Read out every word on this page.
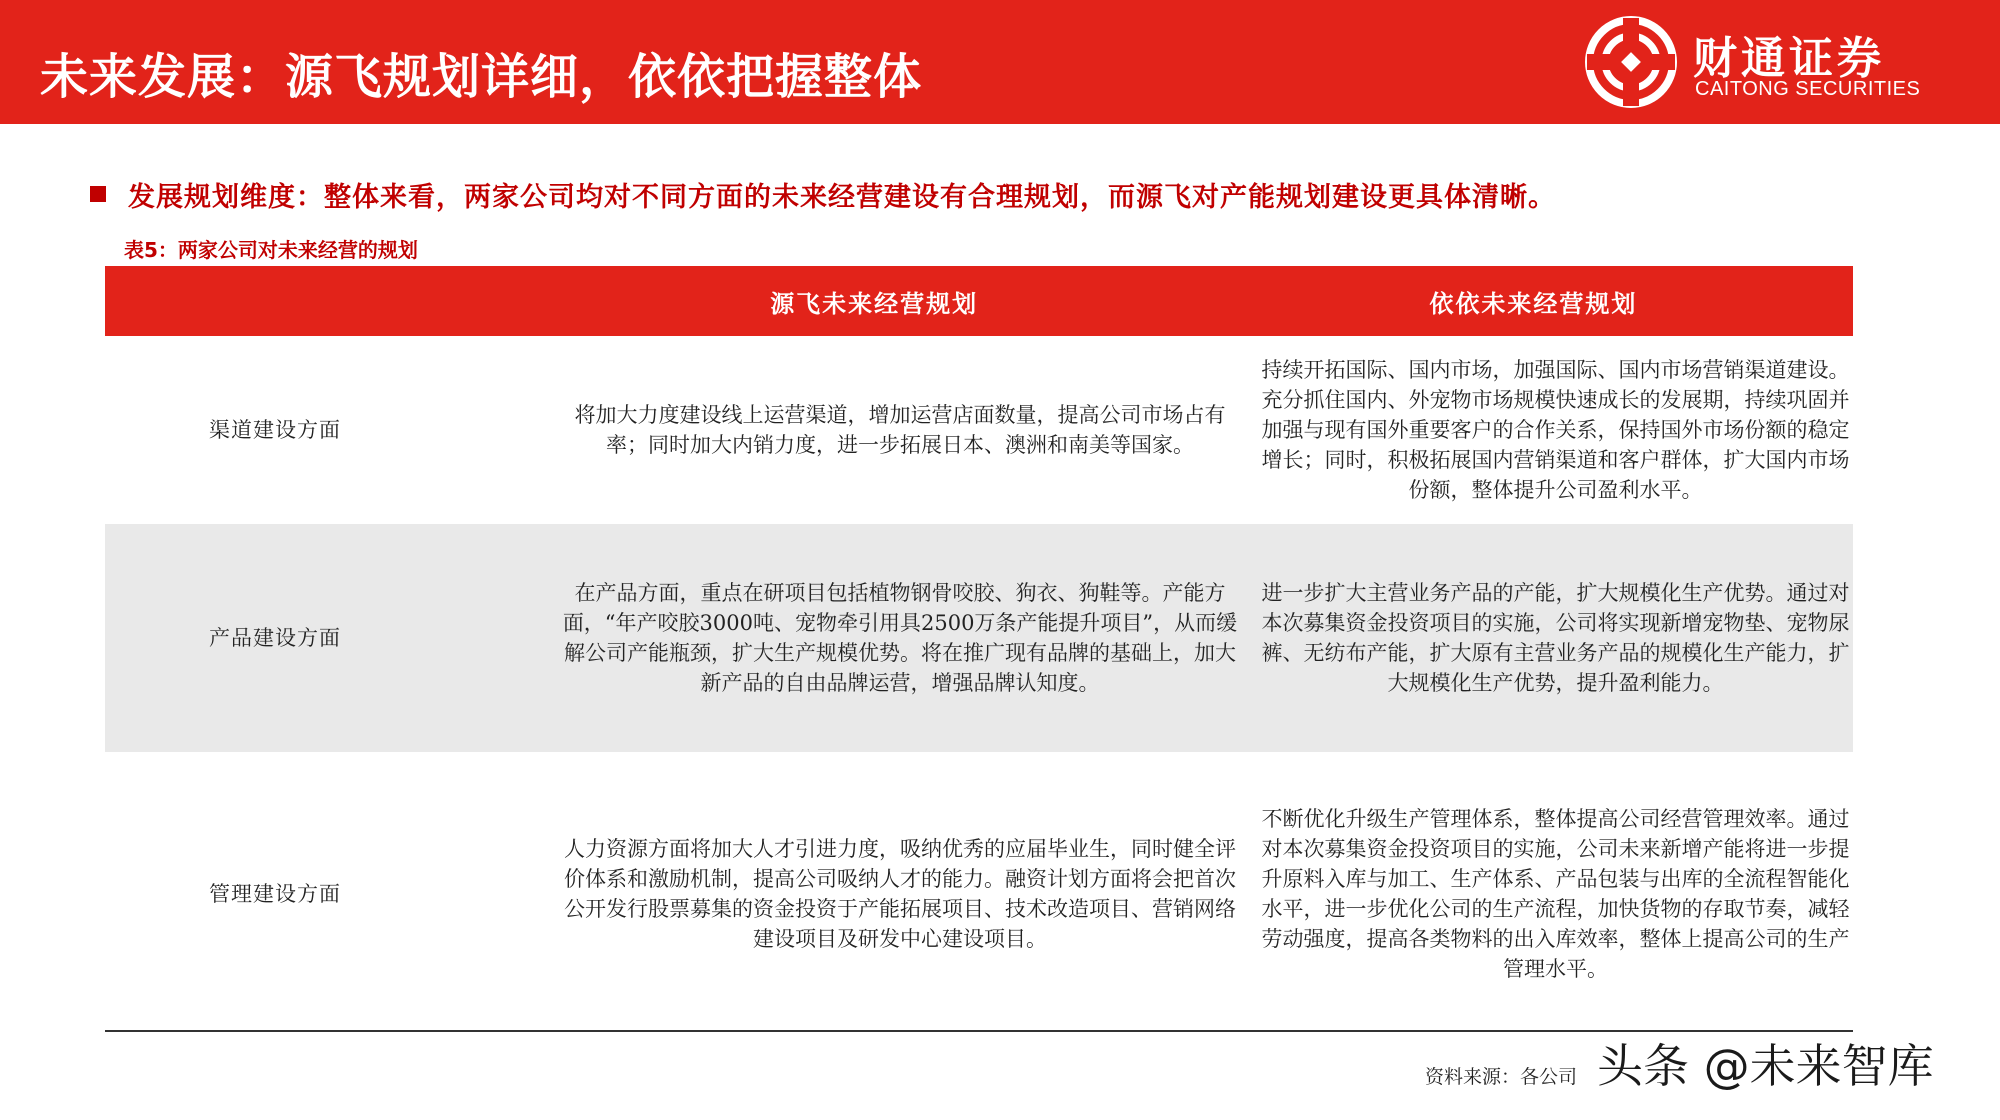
未来发展：源飞规划详细，依依把握整体	财通证券
CAITONG SECURITIES
发展规划维度：整体来看，两家公司均对不同方面的未来经营建设有合理规划，而源飞对产能规划建设更具体清晰。
表5：两家公司对未来经营的规划
源飞未来经营规划	依依未来经营规划
渠道建设方面
将加大力度建设线上运营渠道，增加运营店面数量，提高公司市场占有率；同时加大内销力度，进一步拓展日本、澳洲和南美等国家。
持续开拓国际、国内市场，加强国际、国内市场营销渠道建设。充分抓住国内、外宠物市场规模快速成长的发展期，持续巩固并加强与现有国外重要客户的合作关系，保持国外市场份额的稳定增长；同时，积极拓展国内营销渠道和客户群体，扩大国内市场份额，整体提升公司盈利水平。
产品建设方面
在产品方面，重点在研项目包括植物钢骨咬胶、狗衣、狗鞋等。产能方面，“年产咬胶3000吨、宠物牵引用具2500万条产能提升项目”，从而缓解公司产能瓶颈，扩大生产规模优势。将在推广现有品牌的基础上，加大新产品的自由品牌运营，增强品牌认知度。
进一步扩大主营业务产品的产能，扩大规模化生产优势。通过对本次募集资金投资项目的实施，公司将实现新增宠物垫、宠物尿裤、无纺布产能，扩大原有主营业务产品的规模化生产能力，扩大规模化生产优势，提升盈利能力。
管理建设方面
人力资源方面将加大人才引进力度，吸纳优秀的应届毕业生，同时健全评价体系和激励机制，提高公司吸纳人才的能力。融资计划方面将会把首次公开发行股票募集的资金投资于产能拓展项目、技术改造项目、营销网络建设项目及研发中心建设项目。
不断优化升级生产管理体系，整体提高公司经营管理效率。通过对本次募集资金投资项目的实施，公司未来新增产能将进一步提升原料入库与加工、生产体系、产品包装与出库的全流程智能化水平，进一步优化公司的生产流程，加快货物的存取节奏，减轻劳动强度，提高各类物料的出入库效率，整体上提高公司的生产管理水平。
资料来源：各公司 头条 @未来智库
